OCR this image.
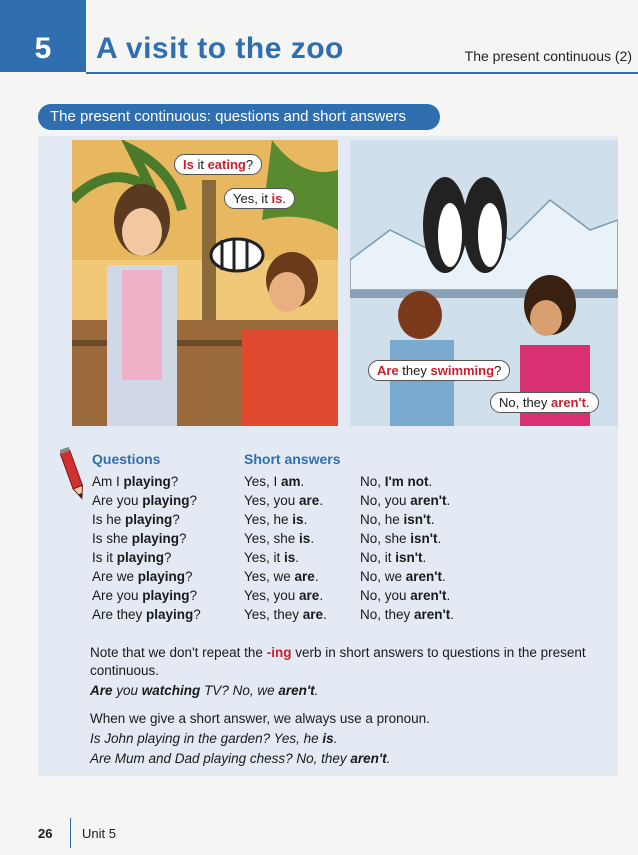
5 A visit to the zoo	The present continuous (2)
The present continuous: questions and short answers
Is it eating?
Yes, it is.
Are they swimming?
No, they aren't.
Questions
Am I playing?
Are you playing?
Is he playing?
Is she playing?
Is it playing?
Are we playing?
Are you playing?
Are they playing?
Short answers
Yes, I am.
Yes, you are.
Yes, he is.
Yes, she is.
Yes, it is.
Yes, we are.
Yes, you are.
Yes, they are.
No, I'm not.
No, you aren't.
No, he isn't.
No, she isn't.
No, it isn't.
No, we aren't.
No, you aren't.
No, they aren't.

Note that we don't repeat the -ing verb in short answers to questions in the present continuous.

Are you watching TV? No, we aren't.

When we give a short answer, we always use a pronoun.

Is John playing in the garden? Yes, he is.

Are Mum and Dad playing chess? No, they aren't.

26 Unit 5
